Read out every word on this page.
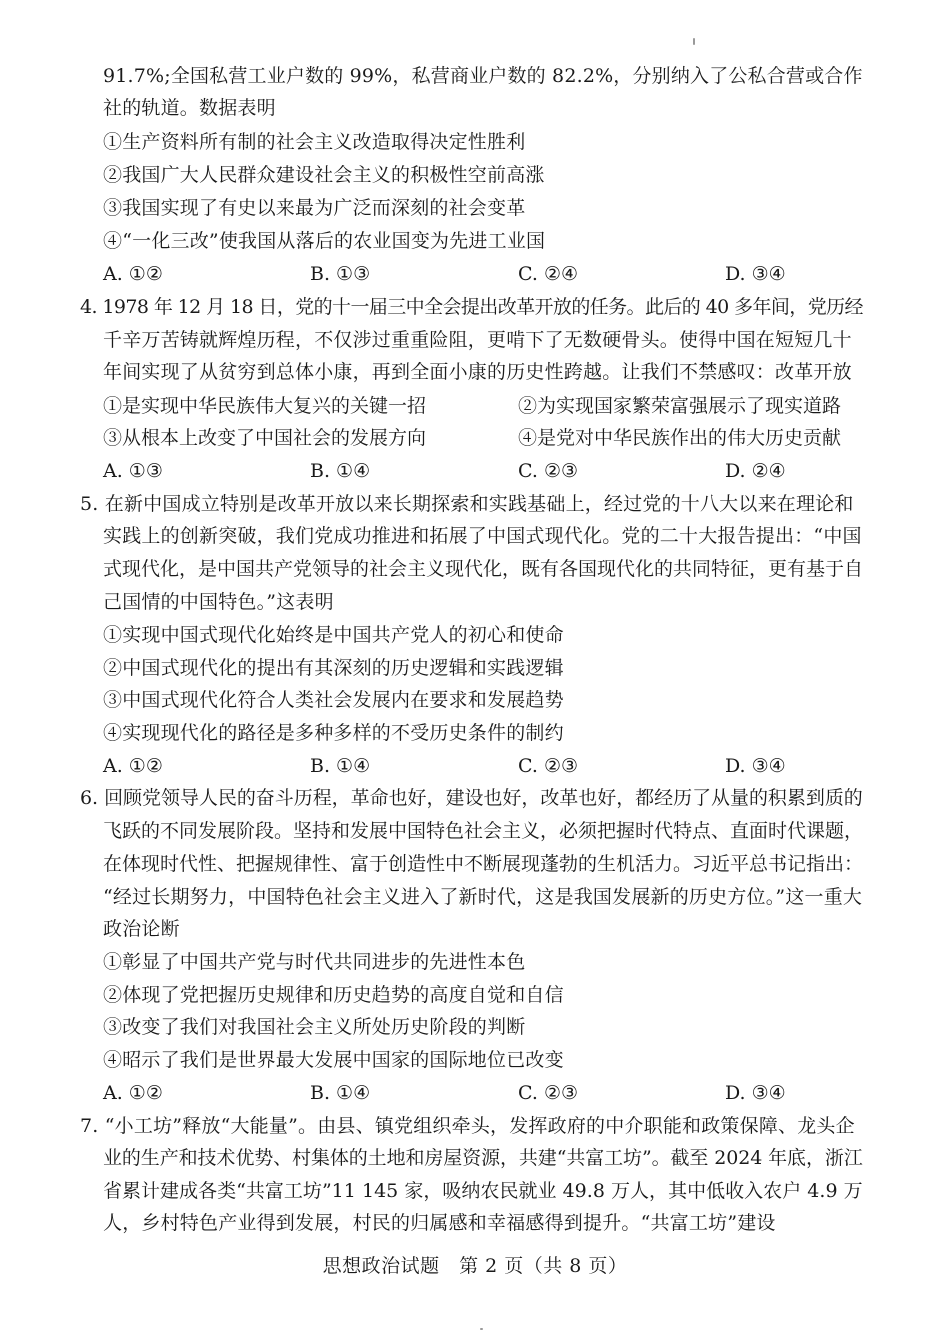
91.7%;全国私营工业户数的 99%，私营商业户数的 82.2%，分别纳入了公私合营或合作
社的轨道。数据表明
①生产资料所有制的社会主义改造取得决定性胜利
②我国广大人民群众建设社会主义的积极性空前高涨
③我国实现了有史以来最为广泛而深刻的社会变革
④“一化三改”使我国从落后的农业国变为先进工业国
A. ①②	B. ①③	C. ②④	D. ③④
4. 1978 年 12 月 18 日，党的十一届三中全会提出改革开放的任务。此后的 40 多年间，党历经
千辛万苦铸就辉煌历程，不仅涉过重重险阻，更啃下了无数硬骨头。使得中国在短短几十
年间实现了从贫穷到总体小康，再到全面小康的历史性跨越。让我们不禁感叹：改革开放
①是实现中华民族伟大复兴的关键一招	②为实现国家繁荣富强展示了现实道路
③从根本上改变了中国社会的发展方向	④是党对中华民族作出的伟大历史贡献
A. ①③	B. ①④	C. ②③	D. ②④
5. 在新中国成立特别是改革开放以来长期探索和实践基础上，经过党的十八大以来在理论和
实践上的创新突破，我们党成功推进和拓展了中国式现代化。党的二十大报告提出：“中国
式现代化，是中国共产党领导的社会主义现代化，既有各国现代化的共同特征，更有基于自
己国情的中国特色。”这表明
①实现中国式现代化始终是中国共产党人的初心和使命
②中国式现代化的提出有其深刻的历史逻辑和实践逻辑
③中国式现代化符合人类社会发展内在要求和发展趋势
④实现现代化的路径是多种多样的不受历史条件的制约
A. ①②	B. ①④	C. ②③	D. ③④
6. 回顾党领导人民的奋斗历程，革命也好，建设也好，改革也好，都经历了从量的积累到质的
飞跃的不同发展阶段。坚持和发展中国特色社会主义，必须把握时代特点、直面时代课题，
在体现时代性、把握规律性、富于创造性中不断展现蓬勃的生机活力。习近平总书记指出：
“经过长期努力，中国特色社会主义进入了新时代，这是我国发展新的历史方位。”这一重大
政治论断
①彰显了中国共产党与时代共同进步的先进性本色
②体现了党把握历史规律和历史趋势的高度自觉和自信
③改变了我们对我国社会主义所处历史阶段的判断
④昭示了我们是世界最大发展中国家的国际地位已改变
A. ①②	B. ①④	C. ②③	D. ③④
7. “小工坊”释放“大能量”。由县、镇党组织牵头，发挥政府的中介职能和政策保障、龙头企
业的生产和技术优势、村集体的土地和房屋资源，共建“共富工坊”。截至 2024 年底，浙江
省累计建成各类“共富工坊”11 145 家，吸纳农民就业 49.8 万人，其中低收入农户 4.9 万
人，乡村特色产业得到发展，村民的归属感和幸福感得到提升。“共富工坊”建设
思想政治试题　第 2 页（共 8 页）
